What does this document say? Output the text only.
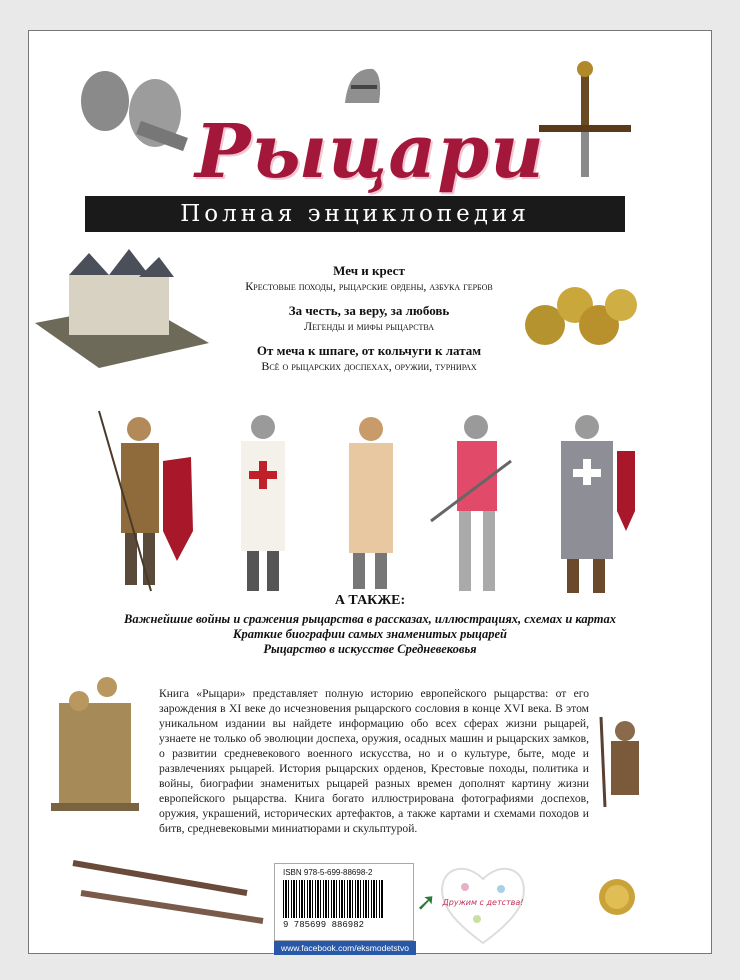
Рыцари
Полная энциклопедия
Меч и крест
Крестовые походы, рыцарские ордены, азбука гербов
За честь, за веру, за любовь
Легенды и мифы рыцарства
От меча к шпаге, от кольчуги к латам
Всё о рыцарских доспехах, оружии, турнирах
А ТАКЖЕ:
Важнейшие войны и сражения рыцарства в рассказах, иллюстрациях, схемах и картах
Краткие биографии самых знаменитых рыцарей
Рыцарство в искусстве Средневековья
Книга «Рыцари» представляет полную историю европейского рыцарства: от его зарождения в XI веке до исчезновения рыцарского сословия в конце XVI века. В этом уникальном издании вы найдете информацию обо всех сферах жизни рыцарей, узнаете не только об эволюции доспеха, оружия, осадных машин и рыцарских замков, о развитии средневекового военного искусства, но и о культуре, быте, моде и развлечениях рыцарей. История рыцарских орденов, Крестовые походы, политика и войны, биографии знаменитых рыцарей разных времен дополнят картину жизни европейского рыцарства. Книга богато иллюстрирована фотографиями доспехов, оружия, украшений, исторических артефактов, а также картами и схемами походов и битв, средневековыми миниатюрами и скульптурой.
ISBN 978-5-699-88698-2
9 785699 886982
www.facebook.com/eksmodetstvo
➚ Дружим с детства!
